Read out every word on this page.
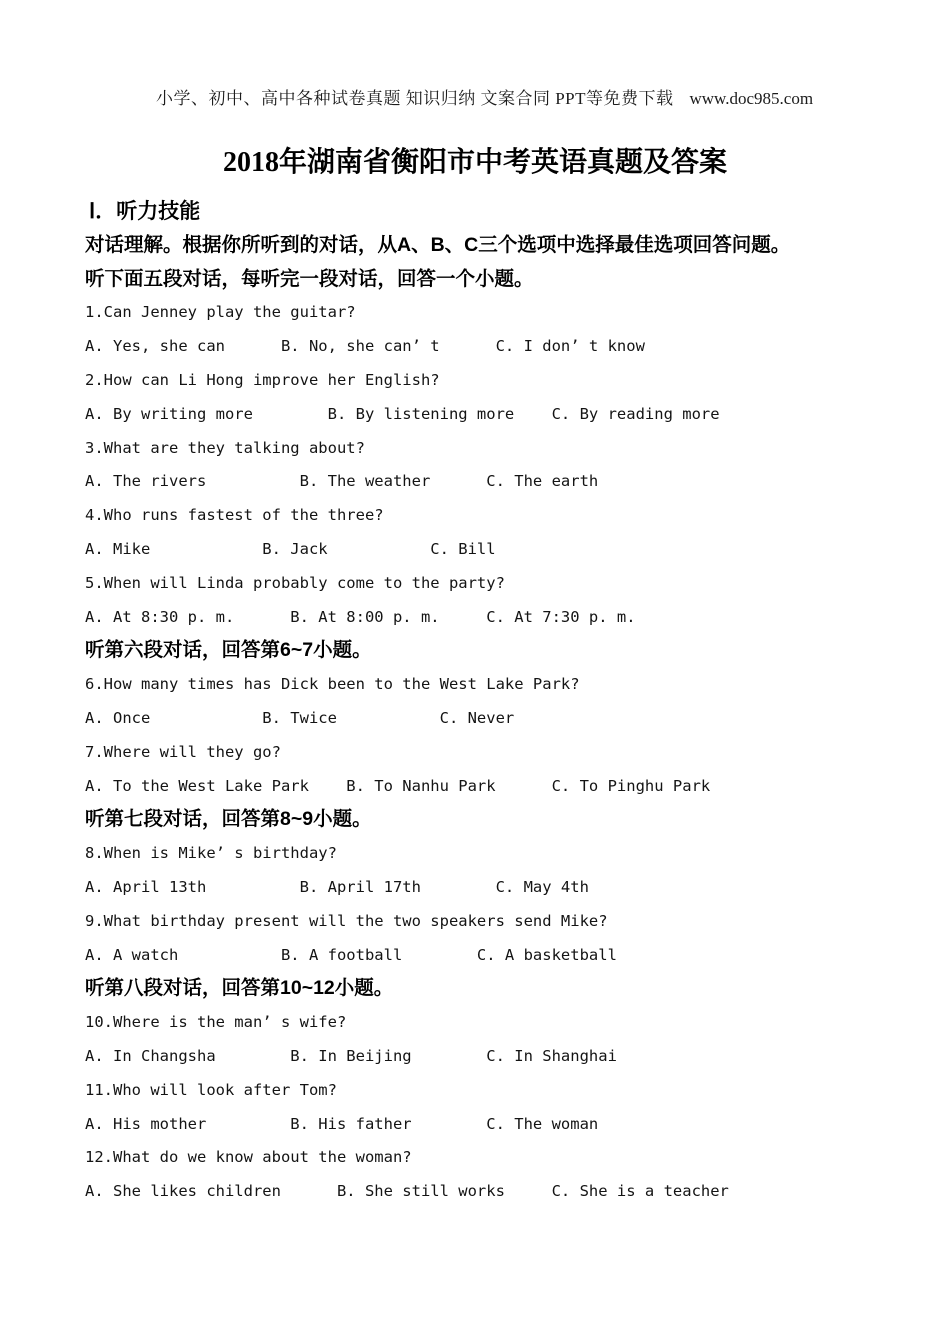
小学、初中、高中各种试卷真题 知识归纳 文案合同 PPT等免费下载 www.doc985.com

2018年湖南省衡阳市中考英语真题及答案
Ⅰ．听力技能
对话理解。根据你所听到的对话，从A、B、C三个选项中选择最佳选项回答问题。
听下面五段对话，每听完一段对话，回答一个小题。
1.Can Jenney play the guitar?
A. Yes, she can      B. No, she can’ t      C. I don’ t know
2.How can Li Hong improve her English?
A. By writing more        B. By listening more    C. By reading more
3.What are they talking about?
A. The rivers          B. The weather      C. The earth
4.Who runs fastest of the three?
A. Mike            B. Jack           C. Bill
5.When will Linda probably come to the party?
A. At 8:30 p. m.      B. At 8:00 p. m.     C. At 7:30 p. m.
听第六段对话，回答第6~7小题。
6.How many times has Dick been to the West Lake Park?
A. Once            B. Twice           C. Never
7.Where will they go?
A. To the West Lake Park    B. To Nanhu Park      C. To Pinghu Park
听第七段对话，回答第8~9小题。
8.When is Mike’ s birthday?
A. April 13th          B. April 17th        C. May 4th
9.What birthday present will the two speakers send Mike?
A. A watch           B. A football        C. A basketball
听第八段对话，回答第10~12小题。
10.Where is the man’ s wife?
A. In Changsha        B. In Beijing        C. In Shanghai
11.Who will look after Tom?
A. His mother         B. His father        C. The woman
12.What do we know about the woman?
A. She likes children      B. She still works     C. She is a teacher
